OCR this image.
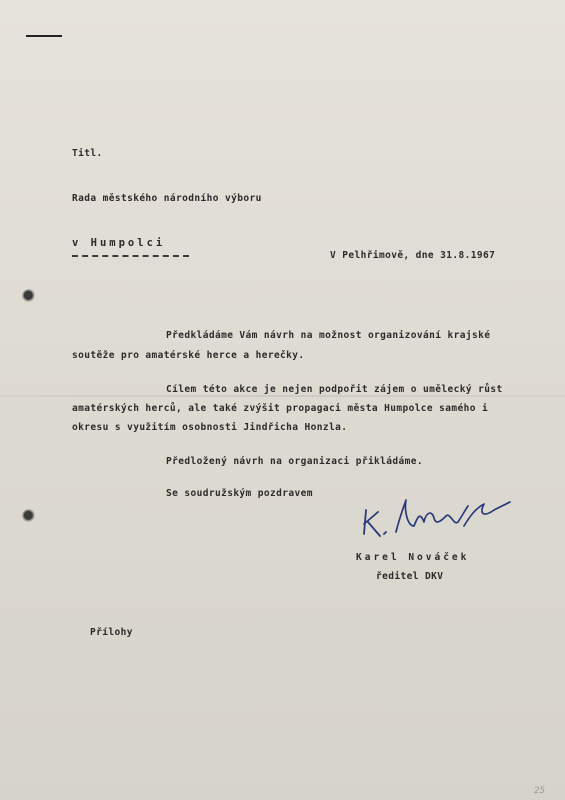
Titl.
Rada městského národního výboru
v Humpolci
V Pelhřimově, dne 31.8.1967
Předkládáme Vám návrh na možnost organizování krajské
soutěže pro amatérské herce a herečky.
Cílem této akce je nejen podpořit zájem o umělecký růst
amatérských herců, ale také zvýšit propagaci města Humpolce samého i
okresu s využitím osobnosti Jindřicha Honzla.
Předložený návrh na organizaci přikládáme.
Se soudružským pozdravem
Karel Nováček
ředitel DKV
Přílohy
25
